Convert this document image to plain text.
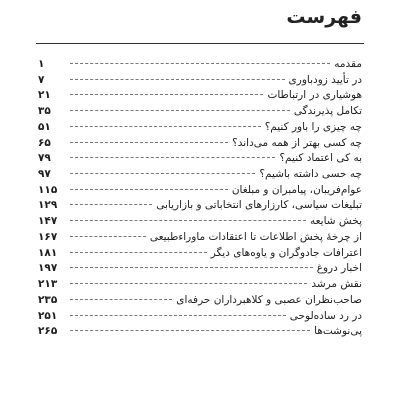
فهرست
مقدمه
۱
در تأیید زودباوری
۷
هوشیاری در ارتباطات
۲۱
تکامل پذیرندگی
۳۵
چه چیزی را باور کنیم؟
۵۱
چه کسی بهتر از همه می‌داند؟
۶۵
به کی اعتماد کنیم؟
۷۹
چه حسی داشته باشیم؟
۹۷
عوام‌فریبان، پیامبران و مبلغان
۱۱۵
تبلیغات سیاسی، کارزارهای انتخاباتی و بازاریابی
۱۲۹
پخش شایعه
۱۴۷
از چرخهٔ پخش اطلاعات تا اعتقادات ماوراءطبیعی
۱۶۷
اعترافات جادوگران و یاوه‌های دیگر
۱۸۱
اخبار دروغ
۱۹۷
نقش مرشد
۲۱۳
صاحب‌نظران عصبی و کلاهبرداران حرفه‌ای
۲۳۵
در رد ساده‌لوحی
۲۵۱
پی‌نوشت‌ها
۲۶۵
